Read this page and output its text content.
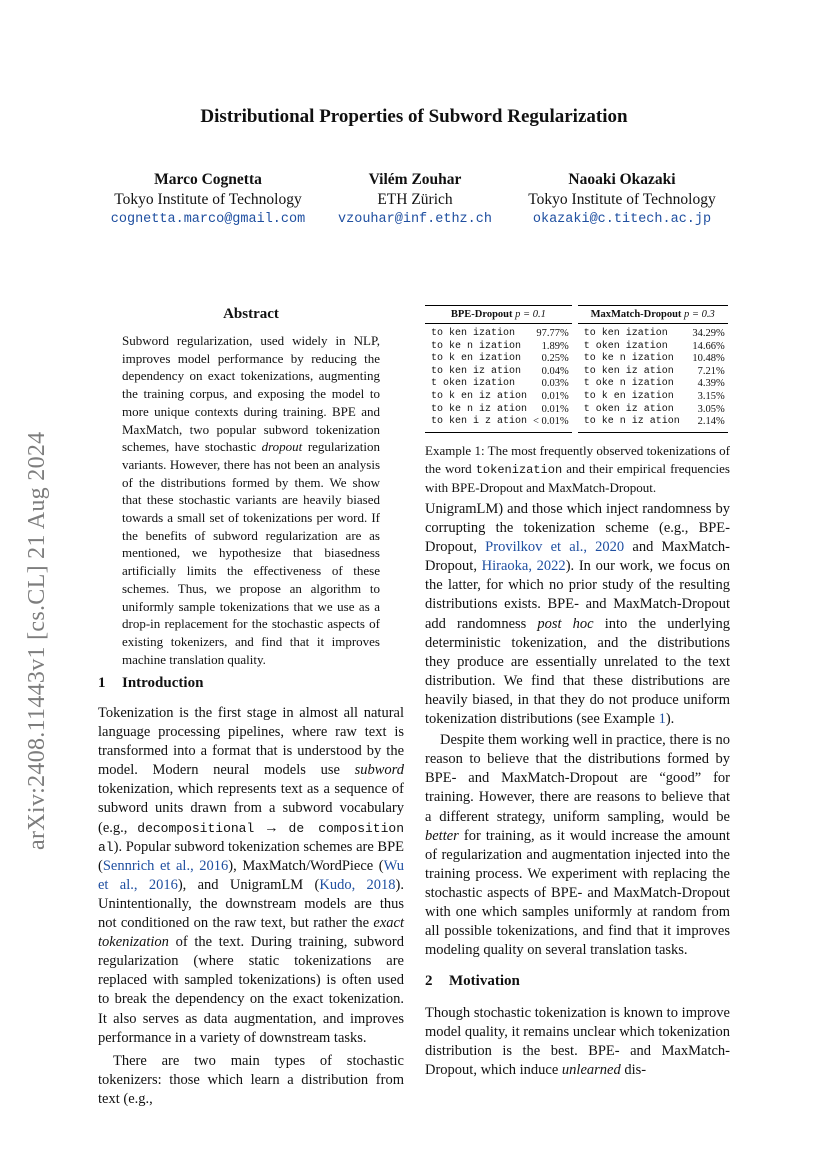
Distributional Properties of Subword Regularization
Marco Cognetta
Tokyo Institute of Technology
cognetta.marco@gmail.com
Vilém Zouhar
ETH Zürich
vzouhar@inf.ethz.ch
Naoaki Okazaki
Tokyo Institute of Technology
okazaki@c.titech.ac.jp
arXiv:2408.11443v1 [cs.CL] 21 Aug 2024
Abstract
Subword regularization, used widely in NLP, improves model performance by reducing the dependency on exact tokenizations, augmenting the training corpus, and exposing the model to more unique contexts during training. BPE and MaxMatch, two popular subword tokenization schemes, have stochastic dropout regularization variants. However, there has not been an analysis of the distributions formed by them. We show that these stochastic variants are heavily biased towards a small set of tokenizations per word. If the benefits of subword regularization are as mentioned, we hypothesize that biasedness artificially limits the effectiveness of these schemes. Thus, we propose an algorithm to uniformly sample tokenizations that we use as a drop-in replacement for the stochastic aspects of existing tokenizers, and find that it improves machine translation quality.
1 Introduction

Tokenization is the first stage in almost all natural language processing pipelines, where raw text is transformed into a format that is understood by the model. Modern neural models use subword tokenization, which represents text as a sequence of subword units drawn from a subword vocabulary (e.g., decompositional → de composition al). Popular subword tokenization schemes are BPE (Sennrich et al., 2016), MaxMatch/WordPiece (Wu et al., 2016), and UnigramLM (Kudo, 2018). Unintentionally, the downstream models are thus not conditioned on the raw text, but rather the exact tokenization of the text. During training, subword regularization (where static tokenizations are replaced with sampled tokenizations) is often used to break the dependency on the exact tokenization. It also serves as data augmentation, and improves performance in a variety of downstream tasks.

There are two main types of stochastic tokenizers: those which learn a distribution from text (e.g.,

BPE-Dropout p = 0.1			MaxMatch-Dropout p = 0.3	

to ken ization	97.77%		to ken ization	34.29%
to ke n ization	1.89%		t oken ization	14.66%
to k en ization	0.25%		to ke n ization	10.48%
to ken iz ation	0.04%		to ken iz ation	7.21%
t oken ization	0.03%		t oke n ization	4.39%
to k en iz ation	0.01%		to k en ization	3.15%
to ke n iz ation	0.01%		t oken iz ation	3.05%
to ken i z ation	< 0.01%		to ke n iz ation	2.14%
Example 1: The most frequently observed tokenizations of the word tokenization and their empirical frequencies with BPE-Dropout and MaxMatch-Dropout.

UnigramLM) and those which inject randomness by corrupting the tokenization scheme (e.g., BPE-Dropout, Provilkov et al., 2020 and MaxMatch-Dropout, Hiraoka, 2022). In our work, we focus on the latter, for which no prior study of the resulting distributions exists. BPE- and MaxMatch-Dropout add randomness post hoc into the underlying deterministic tokenization, and the distributions they produce are essentially unrelated to the text distribution. We find that these distributions are heavily biased, in that they do not produce uniform tokenization distributions (see Example 1).

Despite them working well in practice, there is no reason to believe that the distributions formed by BPE- and MaxMatch-Dropout are “good” for training. However, there are reasons to believe that a different strategy, uniform sampling, would be better for training, as it would increase the amount of regularization and augmentation injected into the training process. We experiment with replacing the stochastic aspects of BPE- and MaxMatch-Dropout with one which samples uniformly at random from all possible tokenizations, and find that it improves modeling quality on several translation tasks.

2 Motivation

Though stochastic tokenization is known to improve model quality, it remains unclear which tokenization distribution is the best. BPE- and MaxMatch-Dropout, which induce unlearned dis-
